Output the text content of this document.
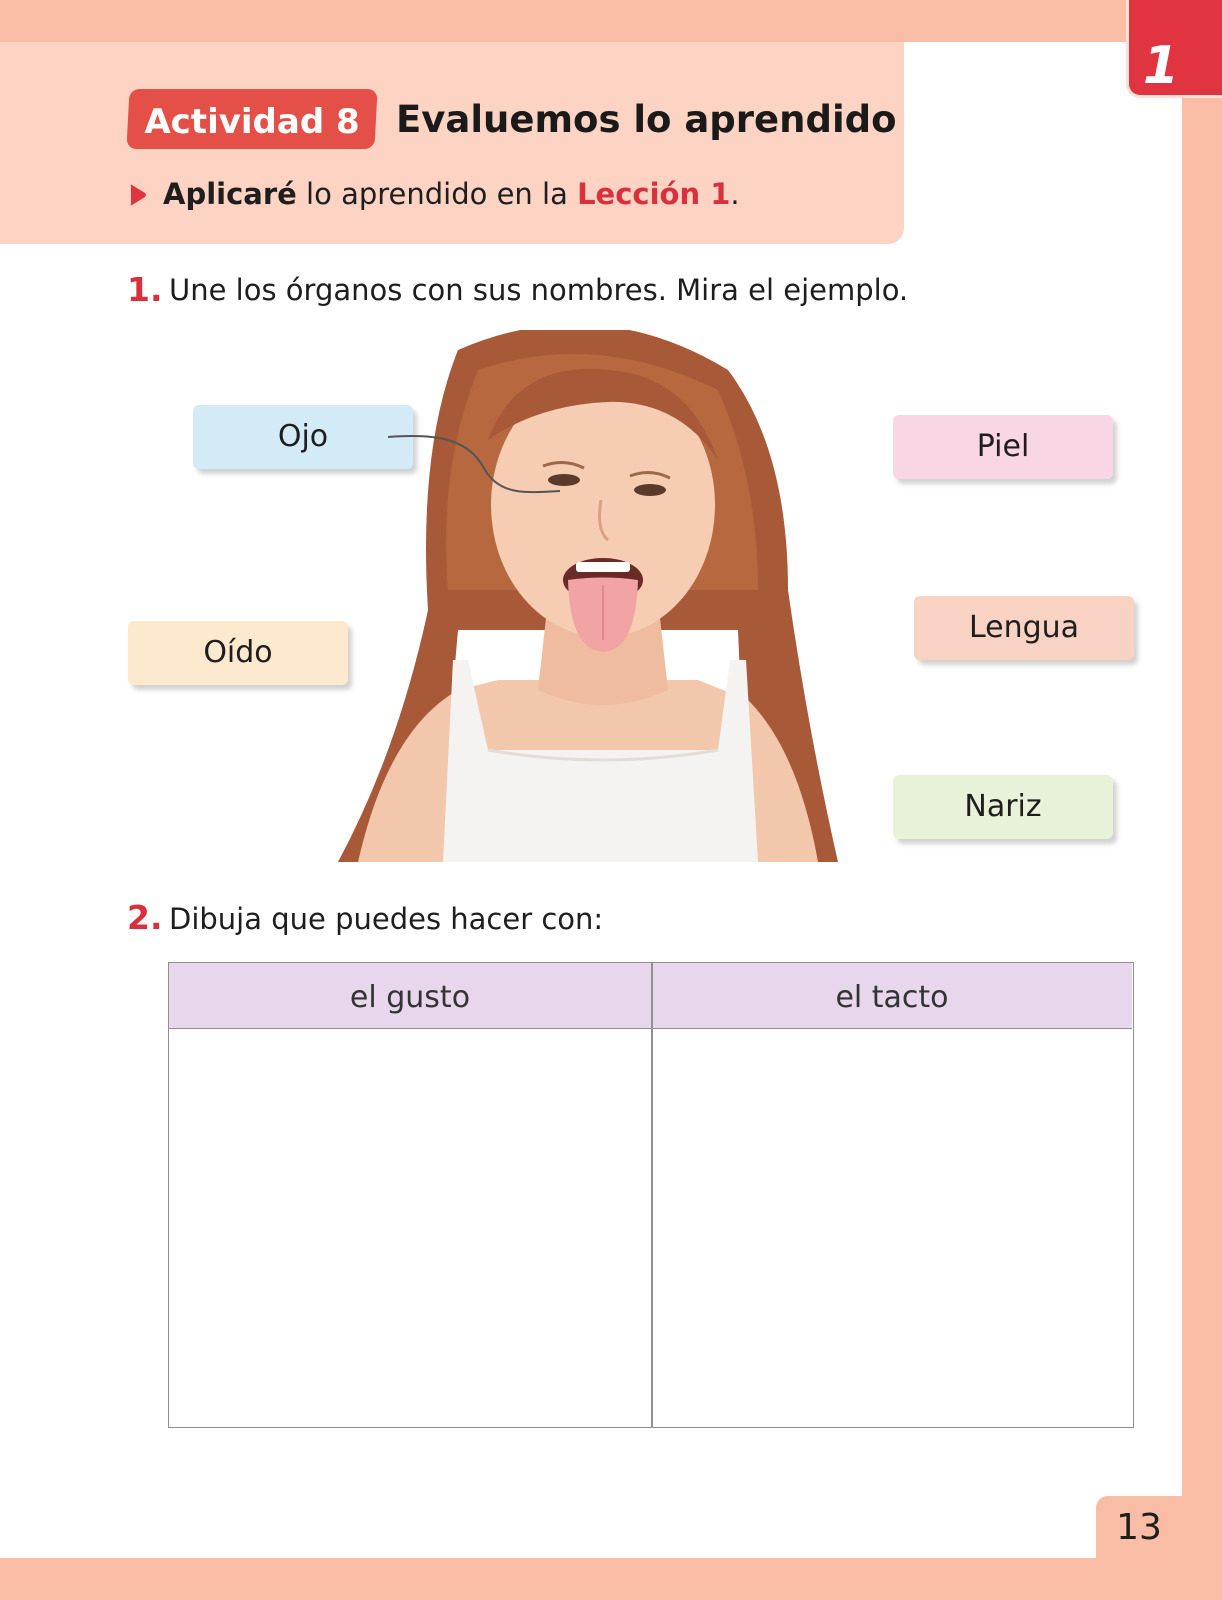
1
Actividad 8 Evaluemos lo aprendido
Aplicaré lo aprendido en la Lección 1.
1. Une los órganos con sus nombres. Mira el ejemplo.
Ojo	Piel
Oído
Lengua
Nariz
2. Dibuja que puedes hacer con:
el gusto	el tacto
13
